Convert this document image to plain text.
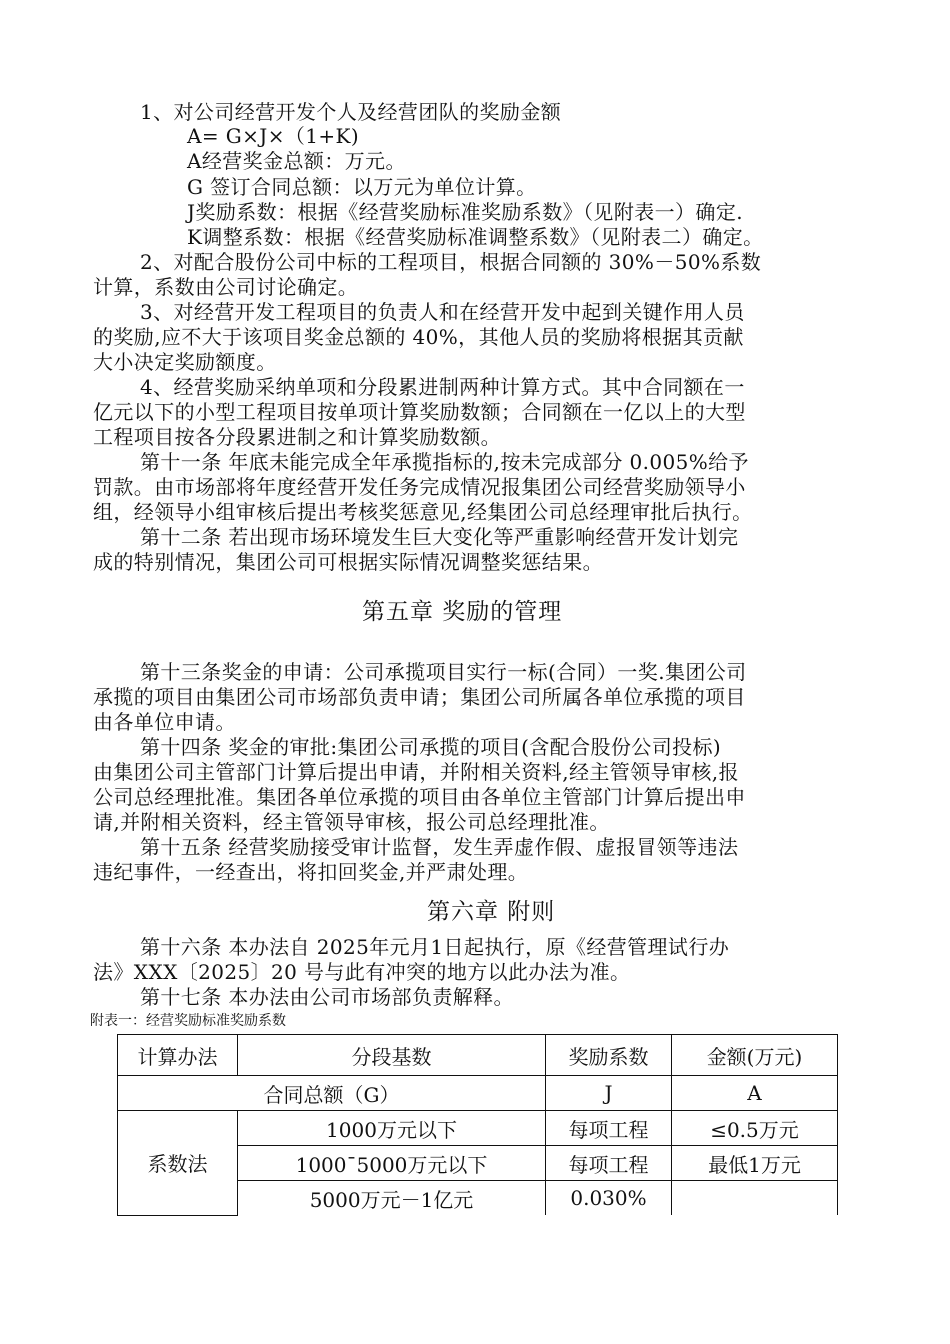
1、对公司经营开发个人及经营团队的奖励金额
A= G×J×（1+K)
A经营奖金总额：万元。
G 签订合同总额：以万元为单位计算。
J奖励系数：根据《经营奖励标准奖励系数》（见附表一）确定.
K调整系数：根据《经营奖励标准调整系数》（见附表二）确定。
2、对配合股份公司中标的工程项目，根据合同额的 30%－50%系数
计算，系数由公司讨论确定。
3、对经营开发工程项目的负责人和在经营开发中起到关键作用人员
的奖励,应不大于该项目奖金总额的 40%，其他人员的奖励将根据其贡献
大小决定奖励额度。
4、经营奖励采纳单项和分段累进制两种计算方式。其中合同额在一
亿元以下的小型工程项目按单项计算奖励数额；合同额在一亿以上的大型
工程项目按各分段累进制之和计算奖励数额。
第十一条 年底未能完成全年承揽指标的,按未完成部分 0.005%给予
罚款。由市场部将年度经营开发任务完成情况报集团公司经营奖励领导小
组，经领导小组审核后提出考核奖惩意见,经集团公司总经理审批后执行。
第十二条 若出现市场环境发生巨大变化等严重影响经营开发计划完
成的特别情况，集团公司可根据实际情况调整奖惩结果。
第五章 奖励的管理
第十三条奖金的申请：公司承揽项目实行一标(合同）一奖.集团公司
承揽的项目由集团公司市场部负责申请；集团公司所属各单位承揽的项目
由各单位申请。
第十四条 奖金的审批:集团公司承揽的项目(含配合股份公司投标)
由集团公司主管部门计算后提出申请，并附相关资料,经主管领导审核,报
公司总经理批准。集团各单位承揽的项目由各单位主管部门计算后提出申
请,并附相关资料，经主管领导审核，报公司总经理批准。
第十五条 经营奖励接受审计监督，发生弄虚作假、虚报冒领等违法
违纪事件，一经查出，将扣回奖金,并严肃处理。
第六章 附则
第十六条 本办法自 2025年元月1日起执行，原《经营管理试行办
法》XXX〔2025〕20 号与此有冲突的地方以此办法为准。
第十七条 本办法由公司市场部负责解释。
附表一：经营奖励标准奖励系数
计算办法	分段基数	奖励系数	金额(万元)
合同总额（G）		J	A
系数法	1000万元以下	每项工程	≤0.5万元
	1000¯5000万元以下	每项工程	最低1万元
	5000万元－1亿元	0.030%	
